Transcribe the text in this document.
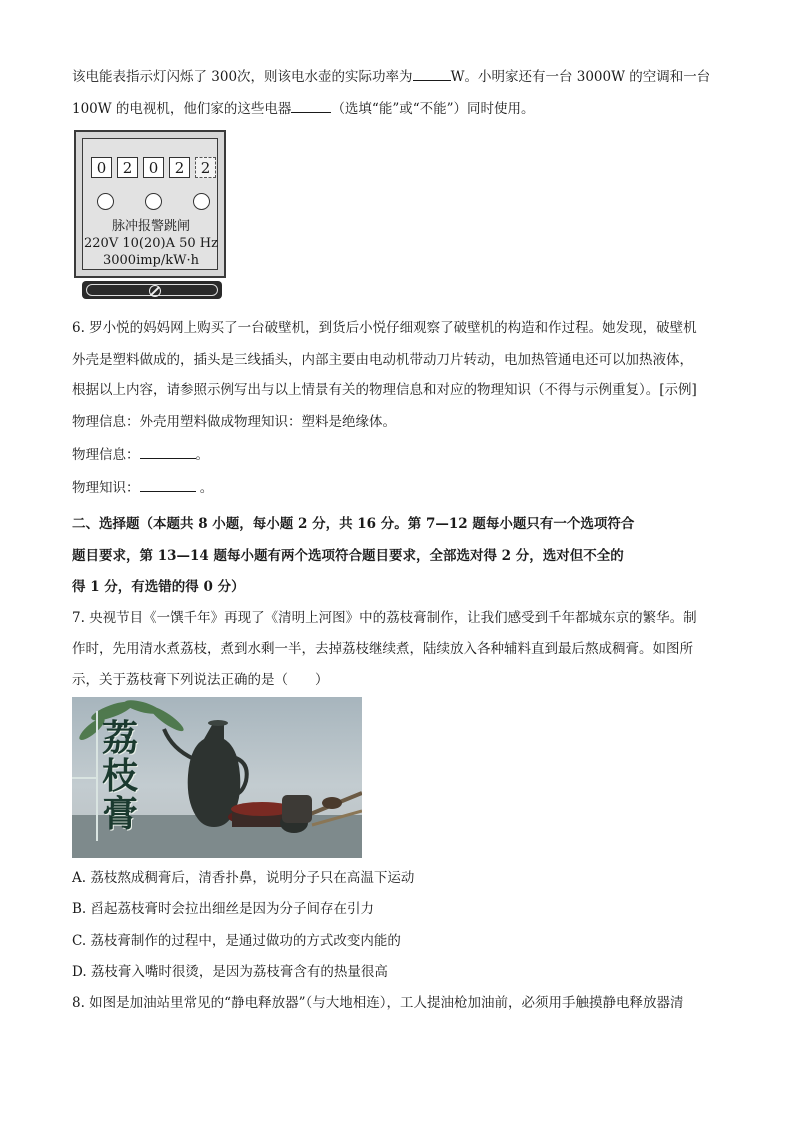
该电能表指示灯闪烁了 300次，则该电水壶的实际功率为	W。小明家还有一台 3000W 的空调和一台
100W 的电视机，他们家的这些电器	（选填“能”或“不能”）同时使用。
0	2	0	2	2
脉冲报警跳闸
220V 10(20)A 50 Hz
3000imp/kW·h
6. 罗小悦的妈妈网上购买了一台破壁机，到货后小悦仔细观察了破壁机的构造和作过程。她发现，破壁机
外壳是塑料做成的，插头是三线插头，内部主要由电动机带动刀片转动，电加热管通电还可以加热液体，
根据以上内容，请参照示例写出与以上情景有关的物理信息和对应的物理知识（不得与示例重复）。[示例]
物理信息：外壳用塑料做成物理知识：塑料是绝缘体。
物理信息：	。
物理知识：	。
二、选择题（本题共 8 小题，每小题 2 分，共 16 分。第 7—12 题每小题只有一个选项符合
题目要求，第 13—14 题每小题有两个选项符合题目要求，全部选对得 2 分，选对但不全的
得 1 分，有选错的得 0 分）
7. 央视节目《一馔千年》再现了《清明上河图》中的荔枝膏制作，让我们感受到千年都城东京的繁华。制
作时，先用清水煮荔枝，煮到水剩一半，去掉荔枝继续煮，陆续放入各种辅料直到最后熬成稠膏。如图所
示，关于荔枝膏下列说法正确的是（　　）
荔
枝
膏
A. 荔枝熬成稠膏后，清香扑鼻，说明分子只在高温下运动
B. 舀起荔枝膏时会拉出细丝是因为分子间存在引力
C. 荔枝膏制作的过程中，是通过做功的方式改变内能的
D. 荔枝膏入嘴时很烫，是因为荔枝膏含有的热量很高
8. 如图是加油站里常见的“静电释放器”（与大地相连），工人提油枪加油前，必须用手触摸静电释放器清
